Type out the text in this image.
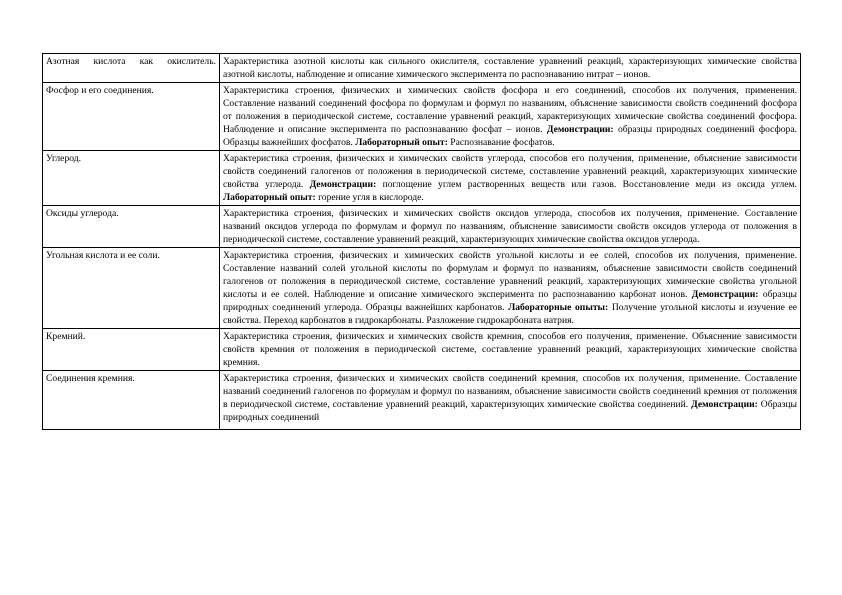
Азотная кислота как окислитель.	Характеристика азотной кислоты как сильного окислителя, составление уравнений реакций, характеризующих химические свойства азотной кислоты, наблюдение и описание химического эксперимента по распознаванию нитрат – ионов.
Фосфор и его соединения.	Характеристика строения, физических и химических свойств фосфора и его соединений, способов их получения, применения. Составление названий соединений фосфора по формулам и формул по названиям, объяснение зависимости свойств соединений фосфора от положения в периодической системе, составление уравнений реакций, характеризующих химические свойства соединений фосфора. Наблюдение и описание эксперимента по распознаванию фосфат – ионов. Демонстрации: образцы природных соединений фосфора. Образцы важнейших фосфатов. Лабораторный опыт: Распознавание фосфатов.
Углерод.	Характеристика строения, физических и химических свойств углерода, способов его получения, применение, объяснение зависимости свойств соединений галогенов от положения в периодической системе, составление уравнений реакций, характеризующих химические свойства углерода. Демонстрации: поглощение углем растворенных веществ или газов. Восстановление меди из оксида углем. Лабораторный опыт: горение угля в кислороде.
Оксиды углерода.	Характеристика строения, физических и химических свойств оксидов углерода, способов их получения, применение. Составление названий оксидов углерода по формулам и формул по названиям, объяснение зависимости свойств оксидов углерода от положения в периодической системе, составление уравнений реакций, характеризующих химические свойства оксидов углерода.
Угольная кислота и ее соли.	Характеристика строения, физических и химических свойств угольной кислоты и ее солей, способов их получения, применение. Составление названий солей угольной кислоты по формулам и формул по названиям, объяснение зависимости свойств соединений галогенов от положения в периодической системе, составление уравнений реакций, характеризующих химические свойства угольной кислоты и ее солей. Наблюдение и описание химического эксперимента по распознаванию карбонат ионов. Демонстрации: образцы природных соединений углерода. Образцы важнейших карбонатов. Лабораторные опыты: Получение угольной кислоты и изучение ее свойства. Переход карбонатов в гидрокарбонаты. Разложение гидрокарбоната натрия.
Кремний.	Характеристика строения, физических и химических свойств кремния, способов его получения, применение. Объяснение зависимости свойств кремния от положения в периодической системе, составление уравнений реакций, характеризующих химические свойства кремния.
Соединения кремния.	Характеристика строения, физических и химических свойств соединений кремния, способов их получения, применение. Составление названий соединений галогенов по формулам и формул по названиям, объяснение зависимости свойств соединений кремния от положения в периодической системе, составление уравнений реакций, характеризующих химические свойства соединений. Демонстрации: Образцы природных соединений
